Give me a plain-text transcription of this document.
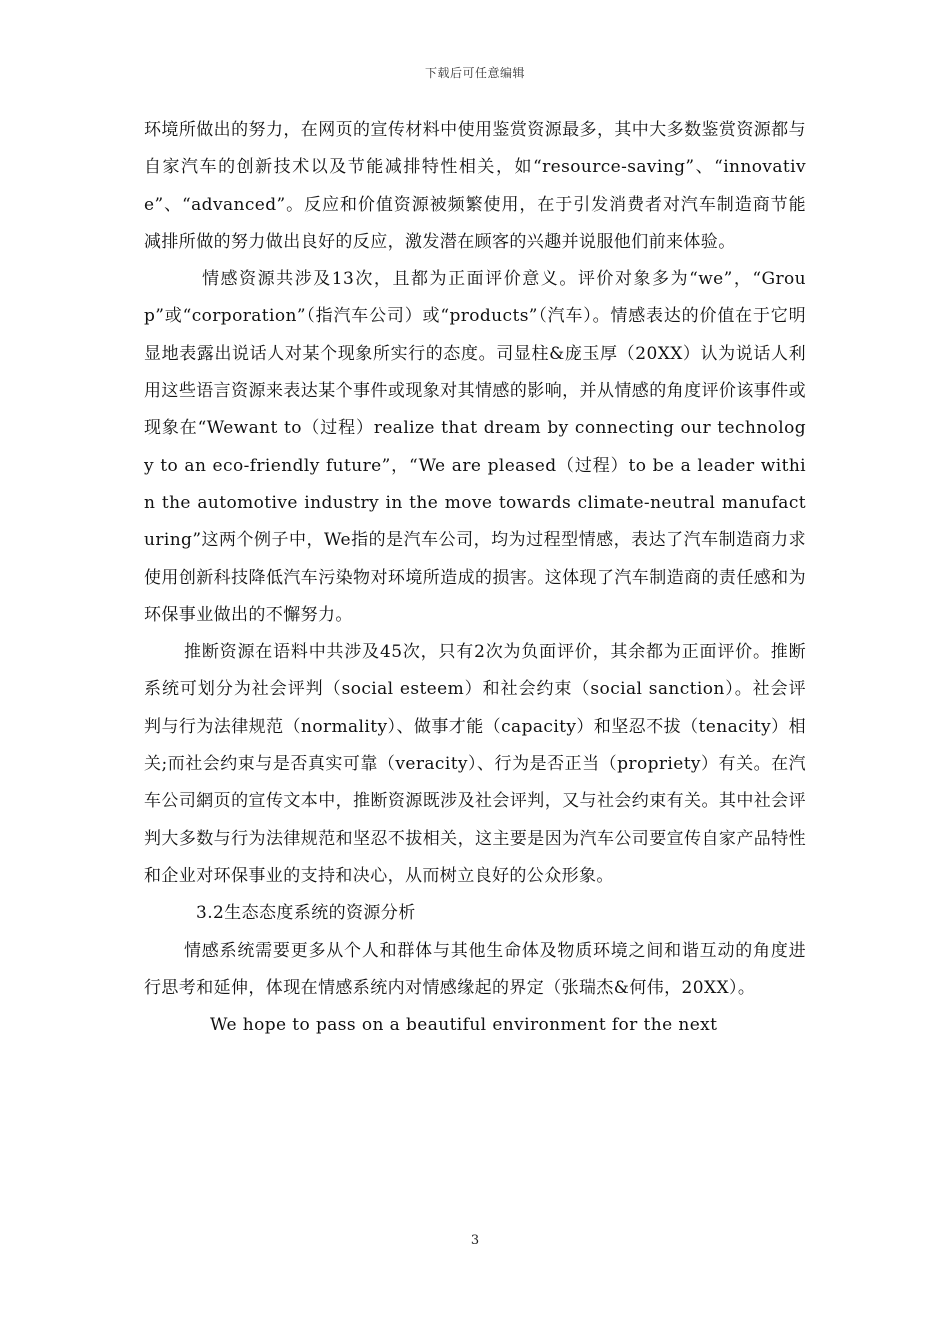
下载后可任意编辑

环境所做出的努力，在网页的宣传材料中使用鉴赏资源最多，其中大多数鉴赏资源都与自家汽车的创新技术以及节能减排特性相关，如“resource-saving”、“innovative”、“advanced”。反应和价值资源被频繁使用，在于引发消费者对汽车制造商节能减排所做的努力做出良好的反应，激发潜在顾客的兴趣并说服他们前来体验。

情感资源共涉及13次，且都为正面评价意义。评价对象多为“we”，“Group”或“corporation”（指汽车公司）或“products”（汽车）。情感表达的价值在于它明显地表露出说话人对某个现象所实行的态度。司显柱&庞玉厚（20XX）认为说话人利用这些语言资源来表达某个事件或现象对其情感的影响，并从情感的角度评价该事件或现象在“Wewant to（过程）realize that dream by connecting our technology to an eco-friendly future”，“We are pleased（过程）to be a leader within the automotive industry in the move towards climate-neutral manufacturing”这两个例子中，We指的是汽车公司，均为过程型情感，表达了汽车制造商力求使用创新科技降低汽车污染物对环境所造成的损害。这体现了汽车制造商的责任感和为环保事业做出的不懈努力。

推断资源在语料中共涉及45次，只有2次为负面评价，其余都为正面评价。推断系统可划分为社会评判（social esteem）和社会约束（social sanction）。社会评判与行为法律规范（normality）、做事才能（capacity）和坚忍不拔（tenacity）相关;而社会约束与是否真实可靠（veracity）、行为是否正当（propriety）有关。在汽车公司網页的宣传文本中，推断资源既涉及社会评判，又与社会约束有关。其中社会评判大多数与行为法律规范和坚忍不拔相关，这主要是因为汽车公司要宣传自家产品特性和企业对环保事业的支持和决心，从而树立良好的公众形象。

3.2生态态度系统的资源分析

情感系统需要更多从个人和群体与其他生命体及物质环境之间和谐互动的角度进行思考和延伸，体现在情感系统内对情感缘起的界定（张瑞杰&何伟，20XX）。

We hope to pass on a beautiful environment for the next

3
